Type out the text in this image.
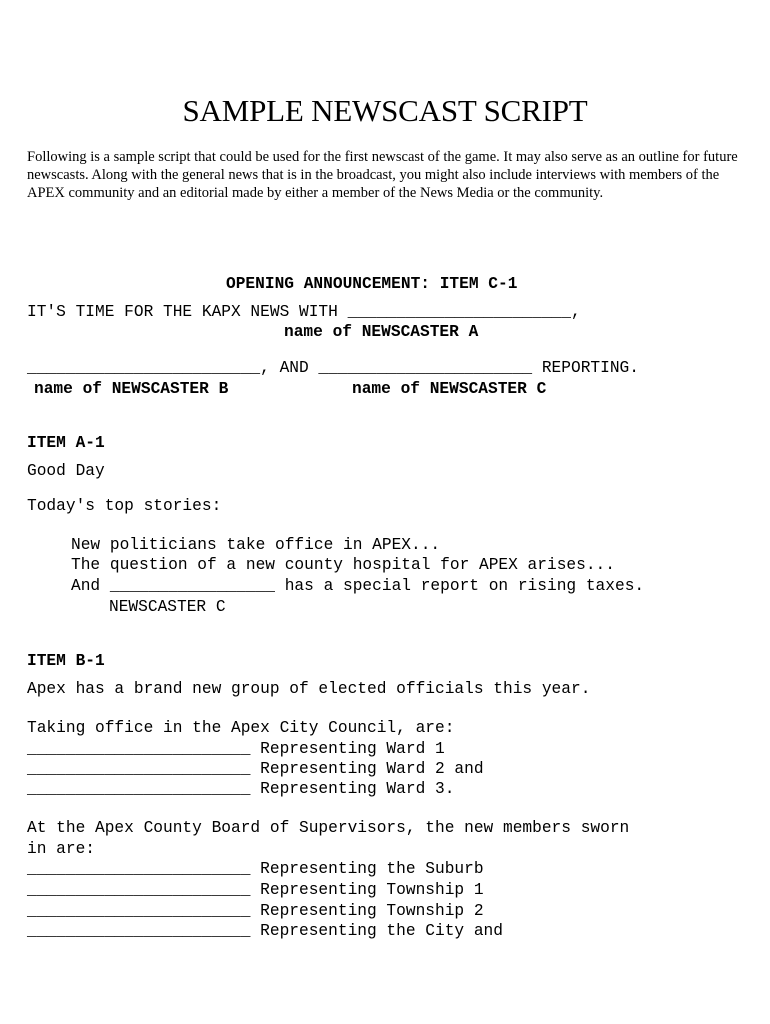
SAMPLE NEWSCAST SCRIPT
Following is a sample script that could be used for the first newscast of the game. It may also serve as an outline for future newscasts. Along with the general news that is in the broadcast, you might also include interviews with members of the APEX community and an editorial made by either a member of the News Media or the community.
OPENING ANNOUNCEMENT: ITEM C-1
IT'S TIME FOR THE KAPX NEWS WITH _______________________,
name of NEWSCASTER A
________________________, AND ______________________ REPORTING.
name of NEWSCASTER B	name of NEWSCASTER C
ITEM A-1
Good Day
Today's top stories:
New politicians take office in APEX...
The question of a new county hospital for APEX arises...
And _________________ has a special report on rising taxes.
NEWSCASTER C
ITEM B-1
Apex has a brand new group of elected officials this year.
Taking office in the Apex City Council, are:
_______________________ Representing Ward 1
_______________________ Representing Ward 2 and
_______________________ Representing Ward 3.
At the Apex County Board of Supervisors, the new members sworn
in are:
_______________________ Representing the Suburb
_______________________ Representing Township 1
_______________________ Representing Township 2
_______________________ Representing the City and
